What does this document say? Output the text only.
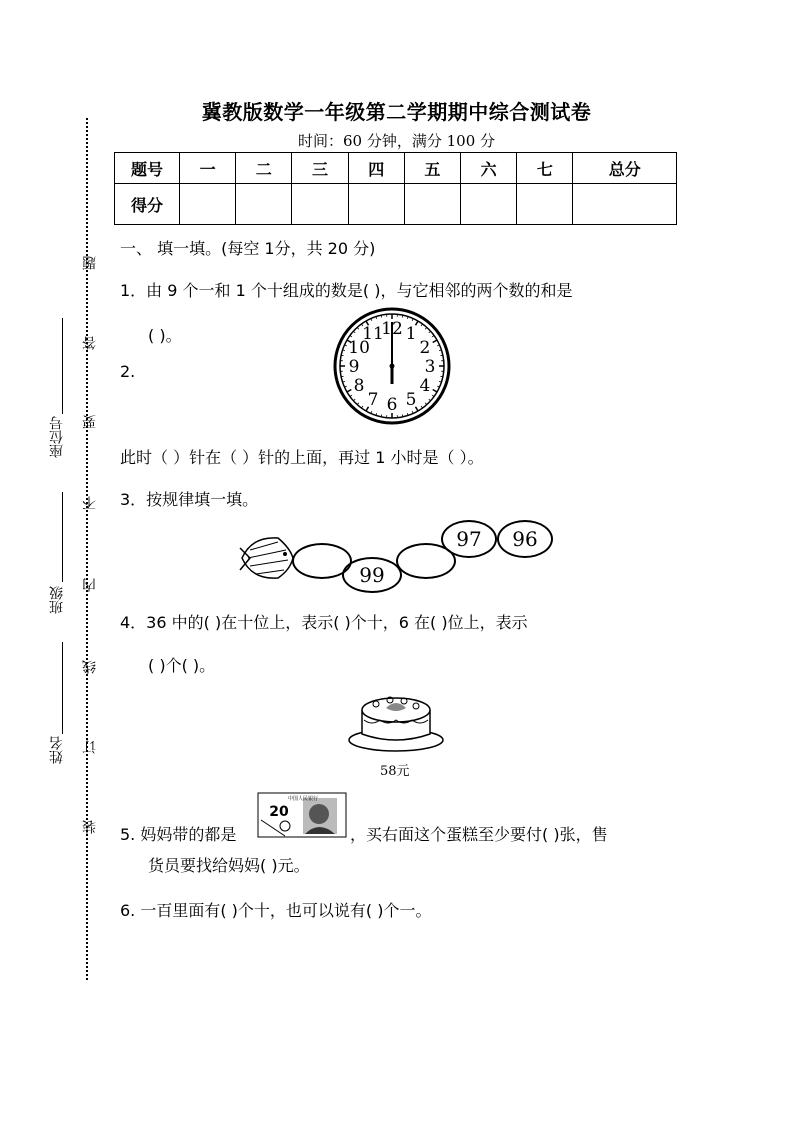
题
答
要
不
内
线
订
装
座位号
班级
姓名
冀教版数学一年级第二学期期中综合测试卷
时间：60 分钟，满分 100 分
题号	一	二	三	四	五	六	七	总分
得分								
一、 填一填。(每空 1分，共 20 分)
1．由 9 个一和 1 个十组成的数是( )，与它相邻的两个数的和是
( )。
2.
12 1
2
3
4
5
6
7
8
9
10
11
此时（ ）针在（ ）针的上面，再过 1 小时是（ ）。
3．按规律填一填。
99
97	96
4．36 中的( )在十位上，表示( )个十，6 在( )位上，表示
( )个( )。
58元
5. 妈妈带的都是
20
中国人民银行
，买右面这个蛋糕至少要付( )张，售
货员要找给妈妈( )元。
6. 一百里面有( )个十，也可以说有( )个一。
